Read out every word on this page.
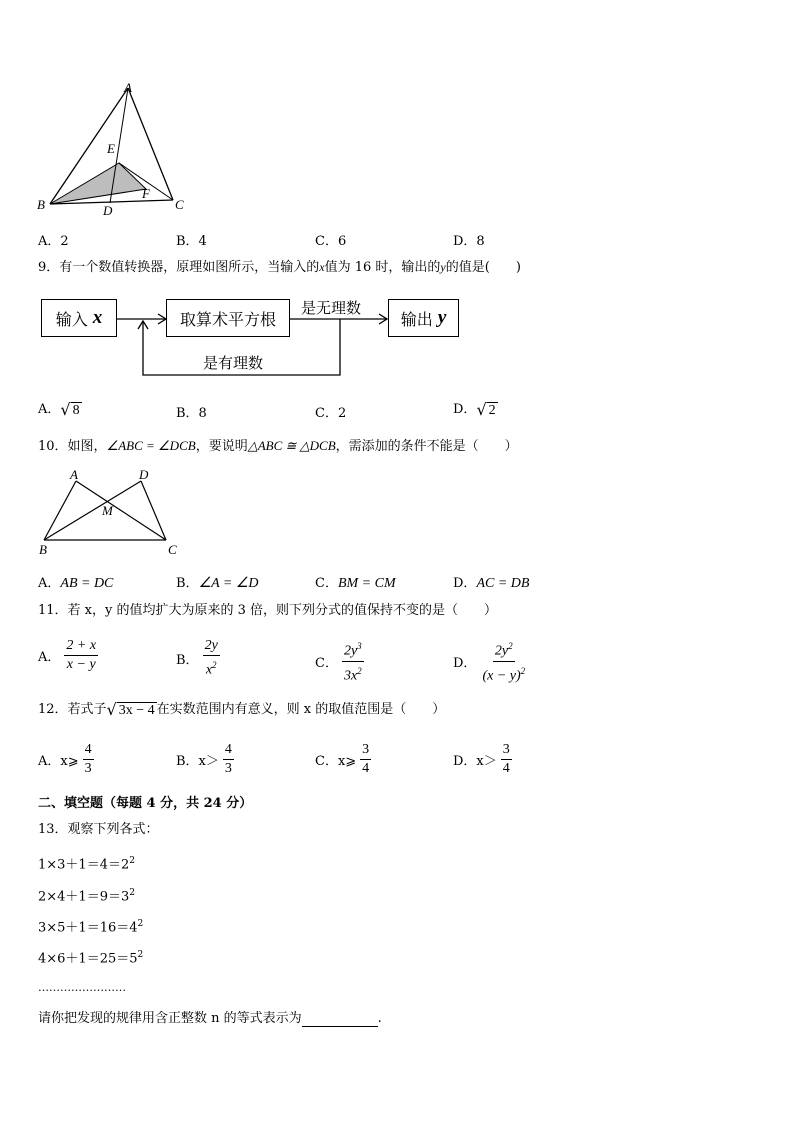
A
E
F
B	D	C
A．2	B．4	C．6	D．8
9．有一个数值转换器，原理如图所示，当输入的x值为 16 时，输出的y的值是(　　)
输入
x	取算术平方根	输出
y
是无理数
是有理数
A． √ 8	B．8	C．2	D． √ 2
10．如图，∠ABC = ∠DCB，要说明△ABC ≅ △DCB，需添加的条件不能是（　　）
A	D
M
B	C
A．AB = DC	B．∠A = ∠D	C．BM = CM	D．AC = DB
11．若 x，y 的值均扩大为原来的 3 倍，则下列分式的值保持不变的是（　　）
A． $\frac{2 + x}{x - y}$	B． $\frac{2y}{x^2}$	C． $\frac{2y^3}{3x^2}$	D． $\frac{2y^2}{(x - y)^2}$
12．若式子 √ 3x − 4 在实数范围内有意义，则 x 的取值范围是（　　）
A．x⩾ $\frac{4}{3}$	B．$x> \frac{4}{3}$	C．x⩾ $\frac{3}{4}$	D．$x> \frac{3}{4}$
二、填空题（每题 4 分，共 24 分）
13．观察下列各式：
$1\times 3+1=4=2^2$
$2\times 4+1=9=3^2$
$3\times 5+1=16=4^2$
$4\times 6+1=25=5^2$
……………………
请你把发现的规律用含正整数 n 的等式表示为	.
